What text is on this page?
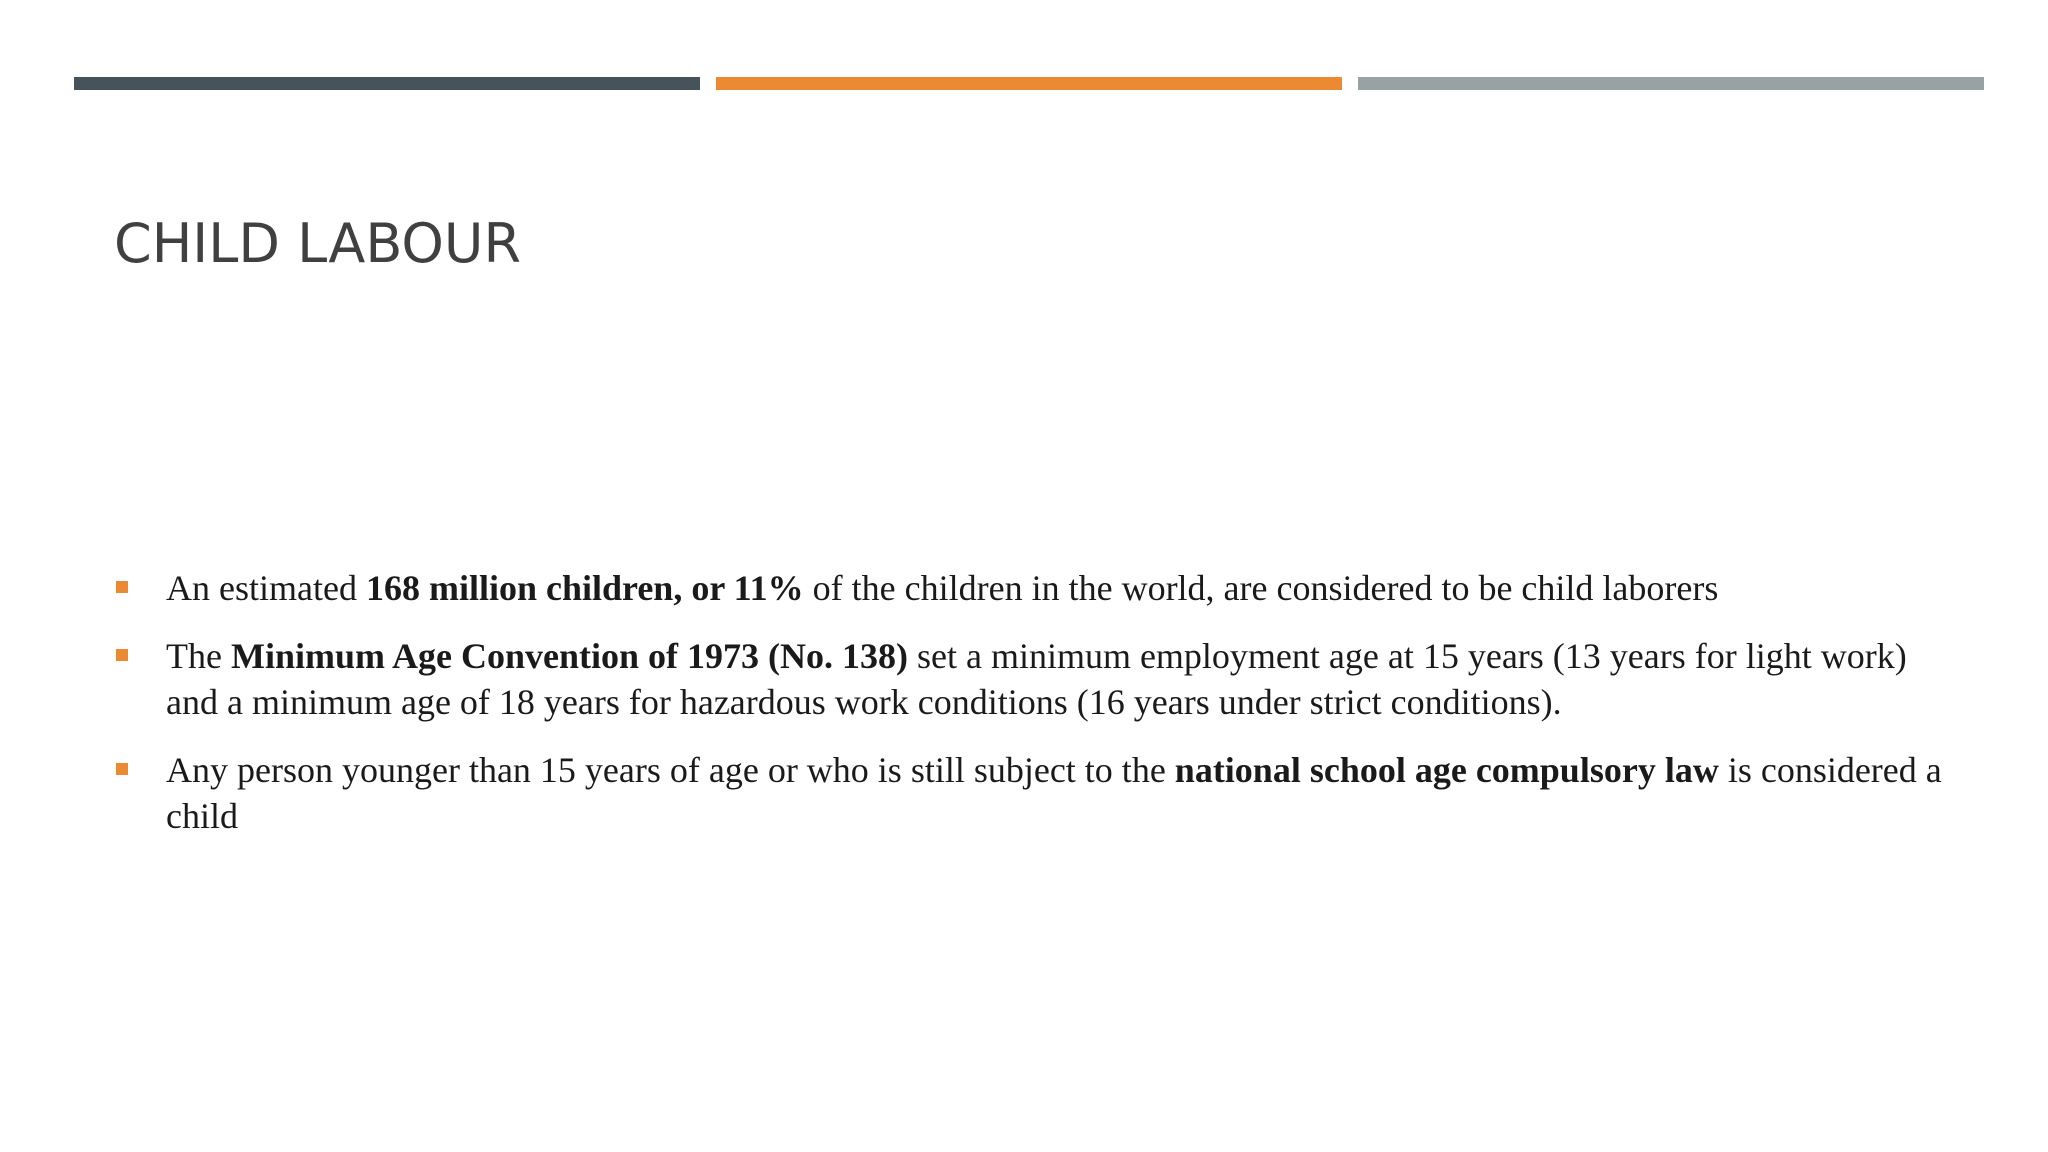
CHILD LABOUR
An estimated 168 million children, or 11% of the children in the world, are considered to be child laborers
The Minimum Age Convention of 1973 (No. 138) set a minimum employment age at 15 years (13 years for light work) and a minimum age of 18 years for hazardous work conditions (16 years under strict conditions).
Any person younger than 15 years of age or who is still subject to the national school age compulsory law is considered a child
